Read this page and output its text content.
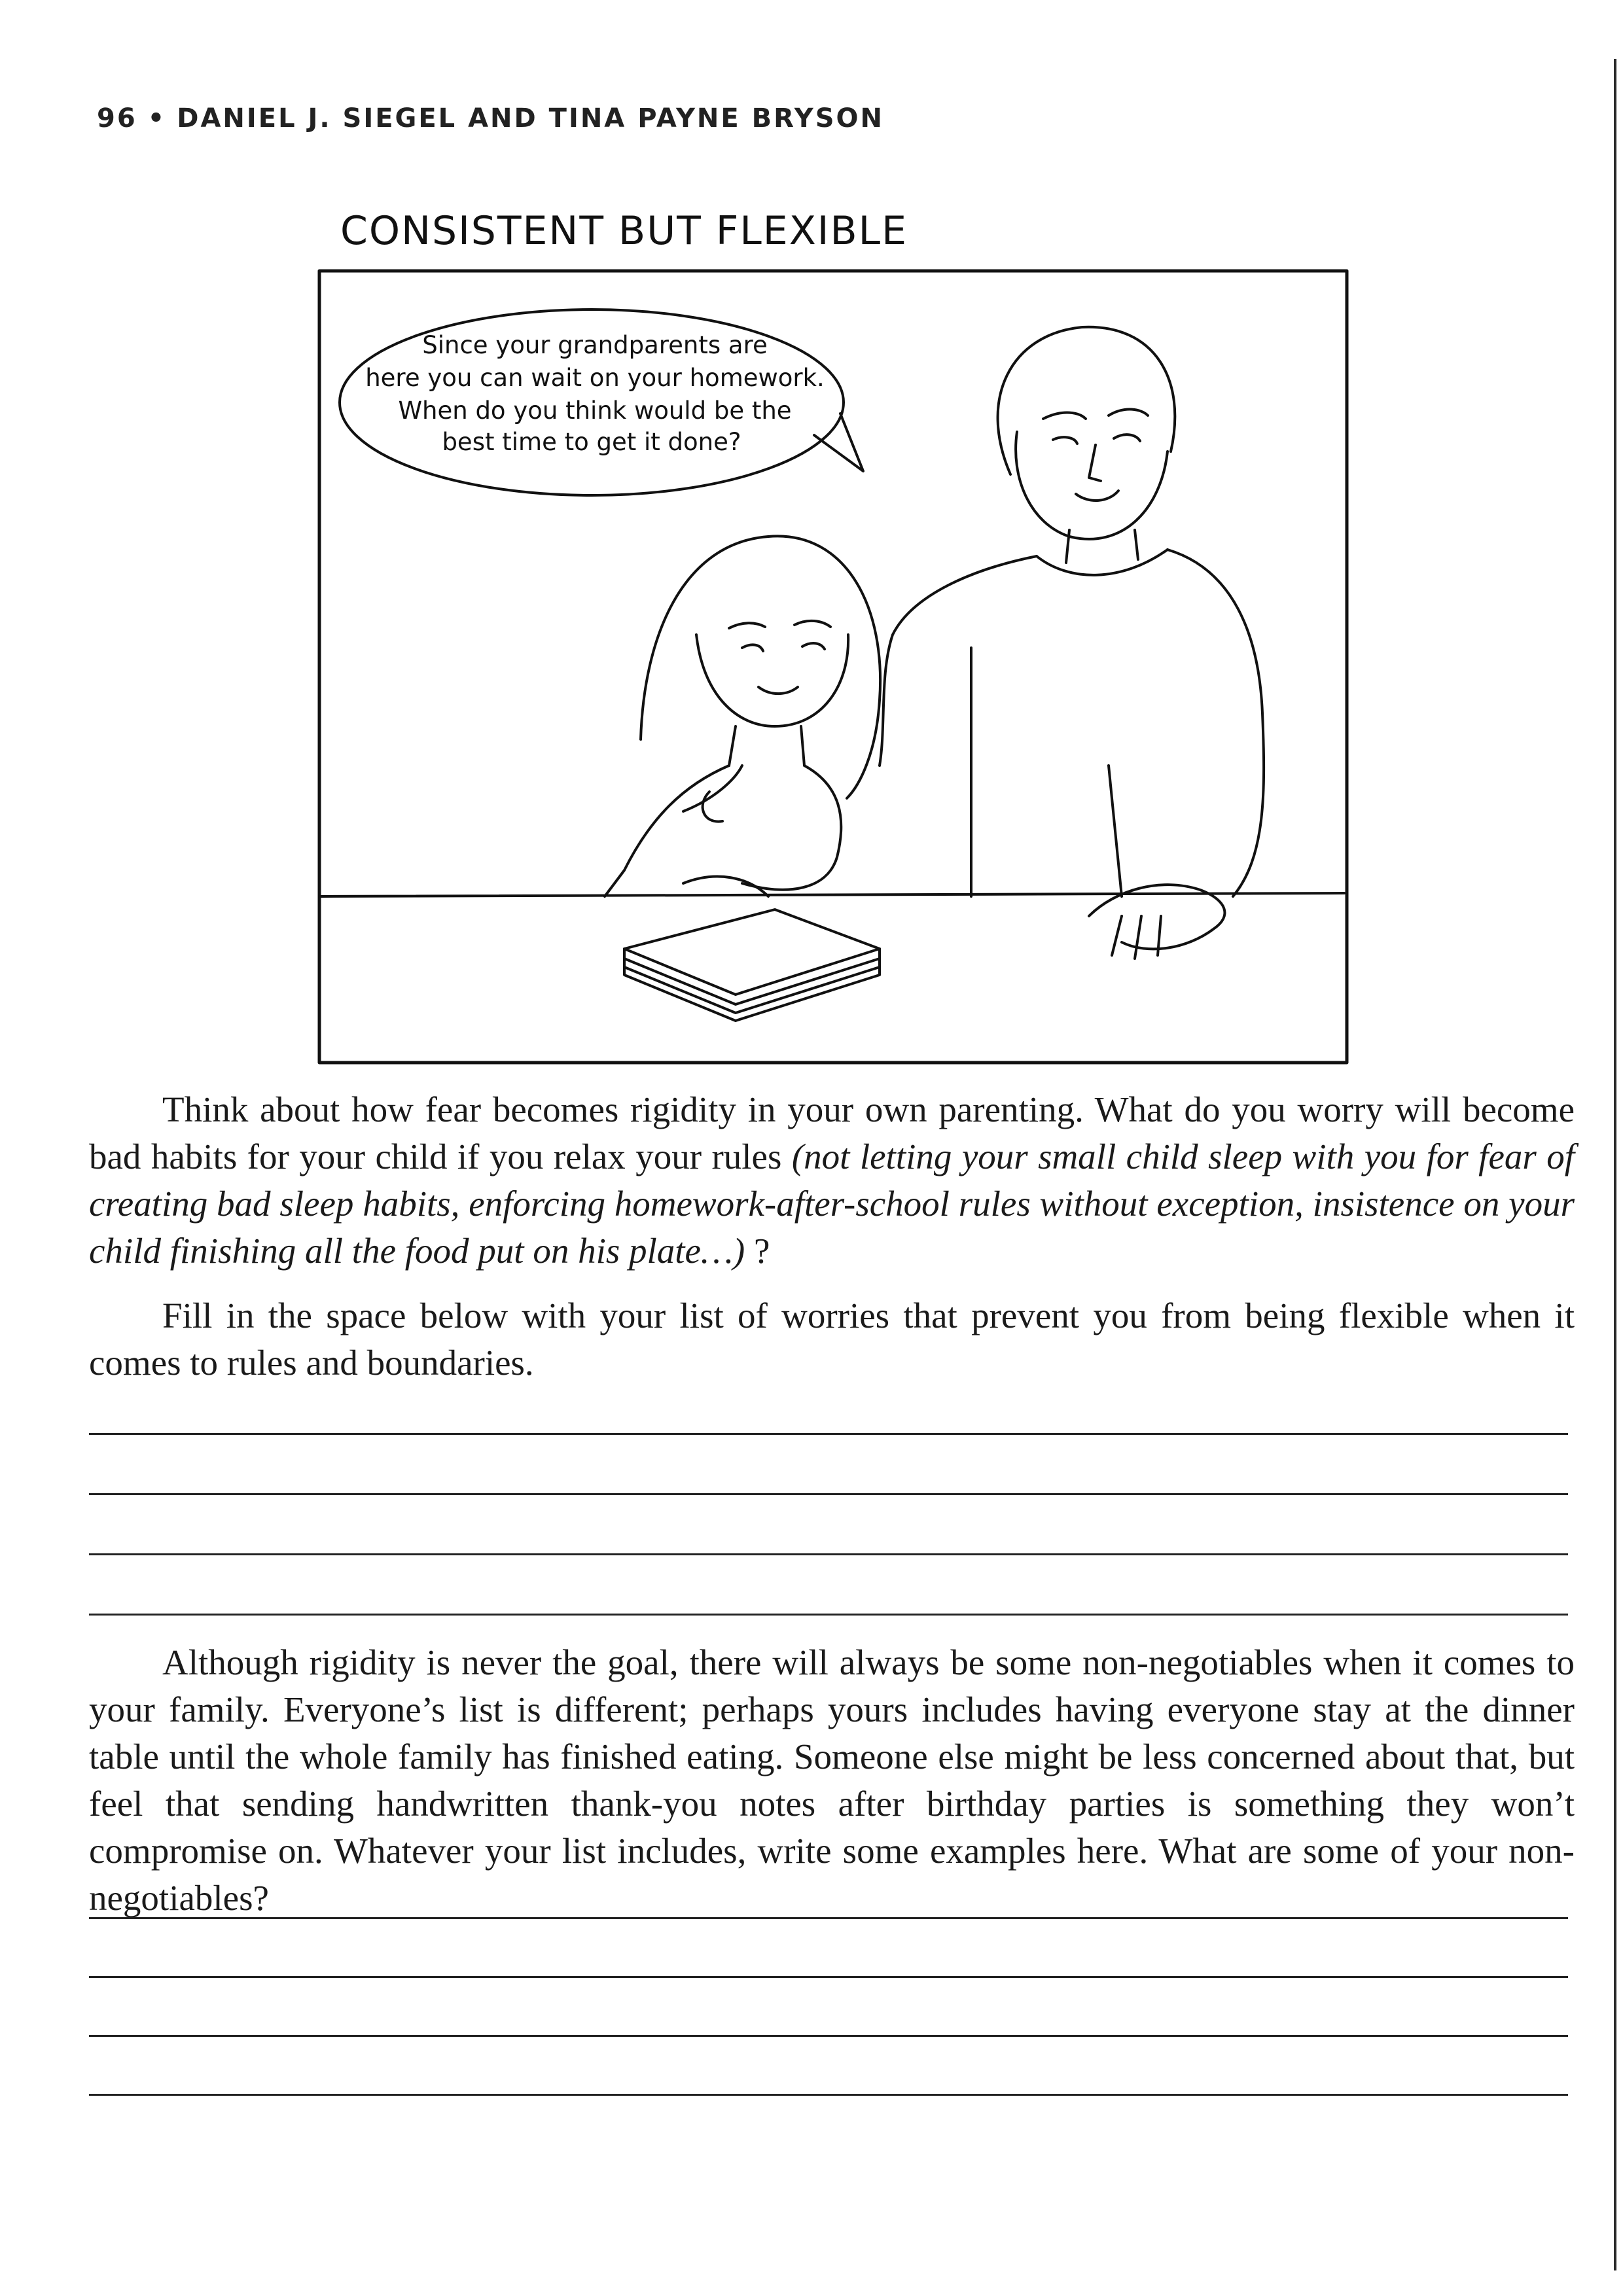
96 • DANIEL J. SIEGEL AND TINA PAYNE BRYSON
CONSISTENT BUT FLEXIBLE
Since your grandparents are
here you can wait on your homework.
When do you think would be the
best time to get it done?

Think about how fear becomes rigidity in your own parenting. What do you worry will become bad habits for your child if you relax your rules (not letting your small child sleep with you for fear of creating bad sleep habits, enforcing homework-after-school rules without exception, insistence on your child finishing all the food put on his plate…) ?

Fill in the space below with your list of worries that prevent you from being flexible when it comes to rules and boundaries.

Although rigidity is never the goal, there will always be some non-negotiables when it comes to your family. Everyone’s list is different; perhaps yours includes having everyone stay at the dinner table until the whole family has finished eating. Someone else might be less concerned about that, but feel that sending handwritten thank-you notes after birthday parties is something they won’t compromise on. Whatever your list includes, write some examples here. What are some of your non-negotiables?
